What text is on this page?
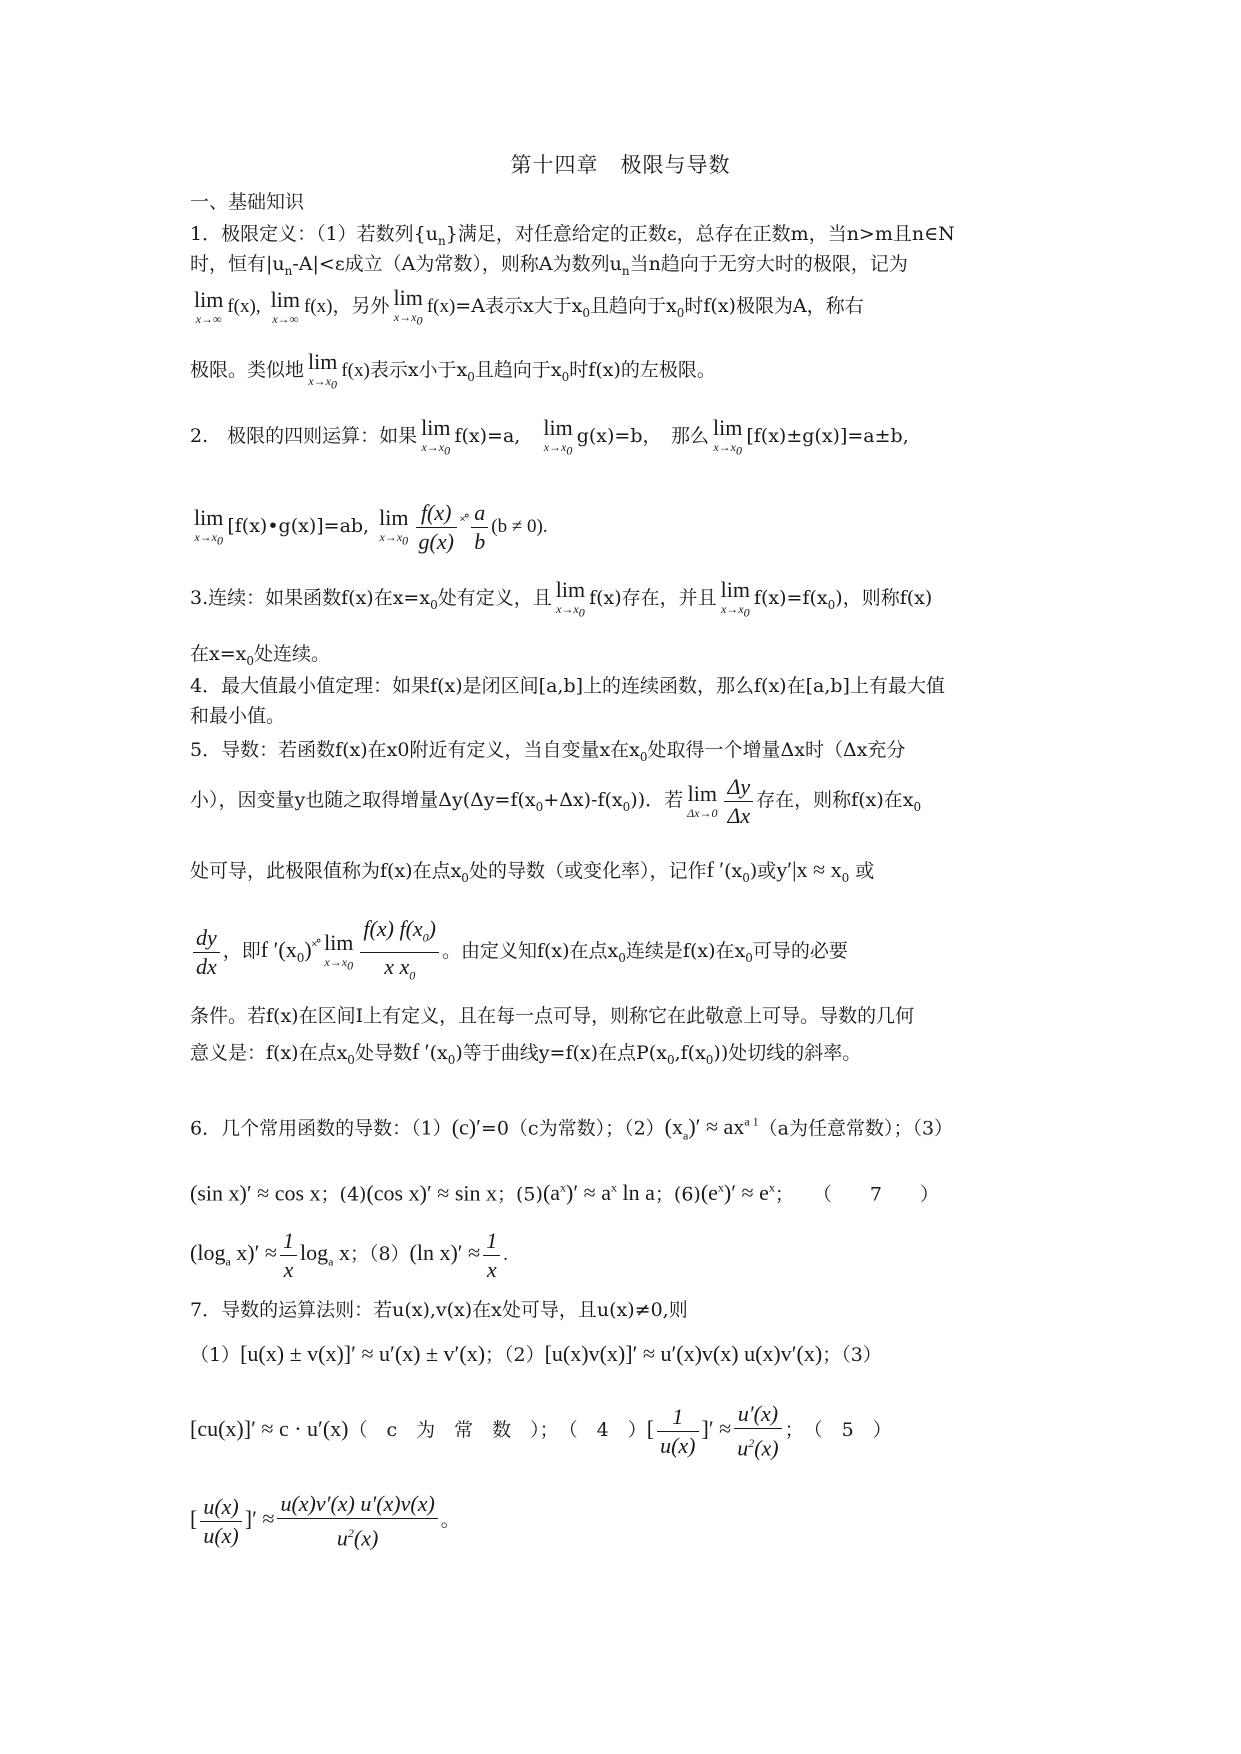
第十四章　极限与导数
一、基础知识
1．极限定义：（1）若数列$\{u_n\}$满足，对任意给定的正数ε，总存在正数m，当n>m且n∈N
时，恒有$|u_n-A|<\varepsilon$成立（A为常数），则称A为数列$u_n$当n趋向于无穷大时的极限，记为
lim
x→∞
f(x), lim
x→∞
f(x)，另外 lim
$x\to x_0$
f(x)=A表示x大于$x_0$且趋向于$x_0$时f(x)极限为A，称右
极限。类似地 lim
$x\to x_0$
f(x)表示x小于$x_0$且趋向于$x_0$时f(x)的左极限。
2.　极限的四则运算：如果 lim
$x\to x_0$
f(x)=a,　 lim
$x\to x_0$
g(x)=b，　那么 lim
$x\to x_0$
[f(x)±g(x)]=a±b,
lim
$x\to x_0$
[f(x)•g(x)]=ab, lim
$x\to x_0 \frac{f(x)}{g(x)} ^{˟˚} \frac{a}{b} (b \ne 0)$.
3.连续：如果函数f(x)在$x=x_0$处有定义，且 lim
$x\to x_0$
f(x)存在，并且 lim
$x\to x_0$
$f(x)=f(x_0)$，则称f(x)
在$x=x_0$处连续。
4．最大值最小值定理：如果f(x)是闭区间[a,b]上的连续函数，那么f(x)在[a,b]上有最大值
和最小值。
5．导数：若函数f(x)在x0附近有定义，当自变量x在$x_0$处取得一个增量Δx时（Δx充分
小），因变量y也随之取得增量$\Delta y(\Delta y=f(x_0+\Delta x)-f(x_0))$．若 lim
$\Delta x\to 0 \frac{\Delta y}{\Delta x}$ 存在，则称f(x)在$x_0$
处可导，此极限值称为f(x)在点$x_0$处的导数（或变化率），记作f $'(x_0)$或$y'|x \approx x_0$ 或
$\frac{dy}{dx}$ ，即f $'(x_0)^{˟˚}$ lim
$x\to x_0 \frac{f(x) f(x_0)}{x x_0}$ 。由定义知f(x)在点$x_0$连续是f(x)在$x_0$可导的必要
条件。若f(x)在区间I上有定义，且在每一点可导，则称它在此敬意上可导。导数的几何
意义是：f(x)在点$x_0$处导数f $'(x_0)$等于曲线y=f(x)在点$P(x_0,f(x_0))$处切线的斜率。
6．几个常用函数的导数：（1）(c)′=0（c为常数）；$(2)(x_a)' \approx ax^{a 1}(a$为任意常数）；（3）
(sin x)′ ≈ cos x；(4)(cos x)′ ≈ sin x；$(5)(a^x)' \approx a^x$ ln a；$(6)(e^x)' \approx e^x$；　　（　　7　　）
($\log_a$ $x)' \approx \frac{1}{x} \log_a x$；（8）(ln $x)' \approx \frac{1}{x}$ .
7．导数的运算法则：若u(x),v(x)在x处可导，且u(x)≠0,则
（1）[u(x) ± v(x)]′ ≈ u′(x) ± v′(x)；（2）[u(x)v(x)]′ ≈ u′(x)v(x) u(x)v′(x)；（3）
[cu(x)]′ ≈ c · u′(x)（　c　为　常　数　）；　（　4　）[ $\frac{1}{u(x)}$ ]′ ≈ $\frac{u'(x)}{u^2(x)}$ ；　（　5　）
[ $\frac{u(x)}{u(x)}$ ]′ ≈ $\frac{u(x)v'(x) u'(x)v(x)}{u^2(x)}$ 。
